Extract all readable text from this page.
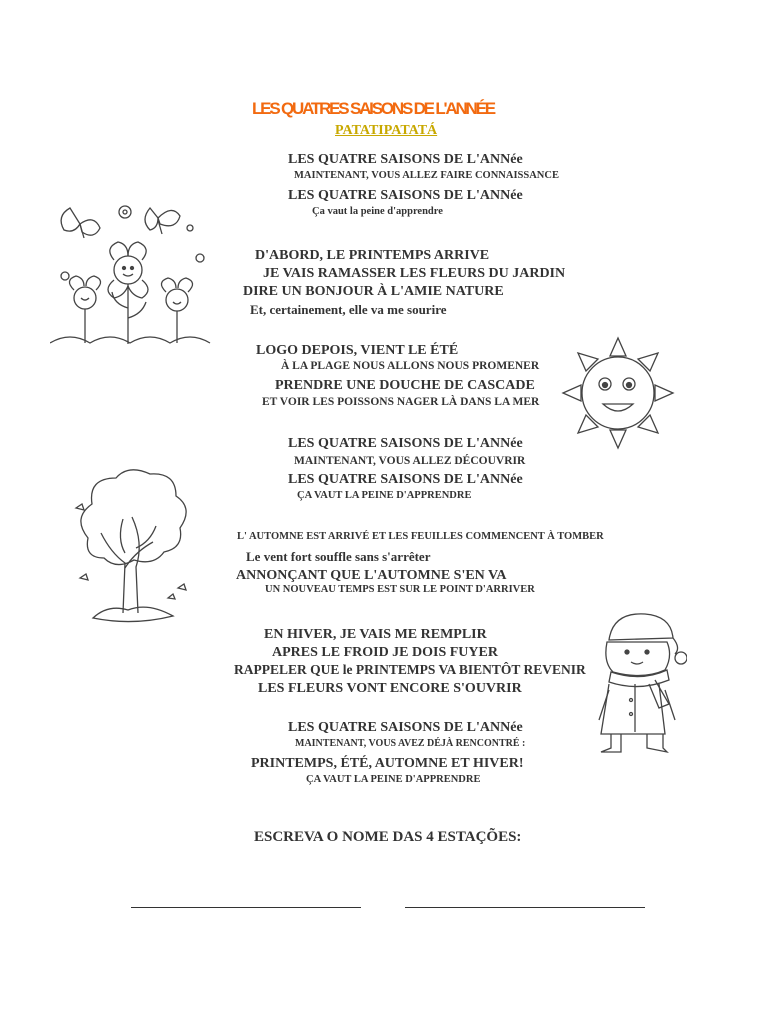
LES QUATRES SAISONS DE L'ANNÉE
PATATIPATATÁ
LES QUATRE SAISONS DE L'ANNée
MAINTENANT, VOUS ALLEZ FAIRE CONNAISSANCE
LES QUATRE SAISONS DE L'ANNée
Ça vaut la peine d'apprendre
D'ABORD, LE PRINTEMPS ARRIVE
JE VAIS RAMASSER LES FLEURS DU JARDIN
DIRE UN BONJOUR À L'AMIE NATURE
Et, certainement, elle va me sourire
LOGO DEPOIS, VIENT LE ÉTÉ
À LA PLAGE NOUS ALLONS NOUS PROMENER
PRENDRE UNE DOUCHE DE CASCADE
ET VOIR LES POISSONS NAGER LÀ DANS LA MER
LES QUATRE SAISONS DE L'ANNée
MAINTENANT, VOUS ALLEZ DÉCOUVRIR
LES QUATRE SAISONS DE L'ANNée
ÇA VAUT LA PEINE D'APPRENDRE
L' AUTOMNE EST ARRIVÉ ET LES FEUILLES COMMENCENT À TOMBER
Le vent fort souffle sans s'arrêter
ANNONÇANT QUE L'AUTOMNE S'EN VA
UN NOUVEAU TEMPS EST SUR LE POINT D'ARRIVER
EN HIVER, JE VAIS ME REMPLIR
APRES LE FROID JE DOIS FUYER
RAPPELER QUE le PRINTEMPS VA BIENTÔT REVENIR
LES FLEURS VONT ENCORE S'OUVRIR
LES QUATRE SAISONS DE L'ANNée
MAINTENANT, VOUS AVEZ DÉJÀ RENCONTRÉ :
PRINTEMPS, ÉTÉ, AUTOMNE ET HIVER!
ÇA VAUT LA PEINE D'APPRENDRE
ESCREVA O NOME DAS 4 ESTAÇÕES:
